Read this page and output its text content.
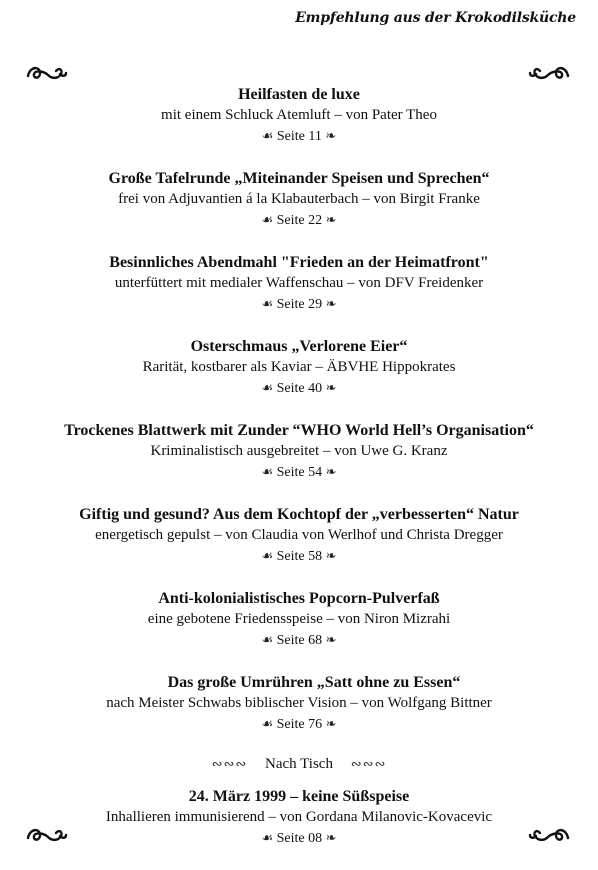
Empfehlung aus der Krokodilsküche
Heilfasten de luxe
mit einem Schluck Atemluft – von Pater Theo
☙ Seite 11 ❧
Große Tafelrunde „Miteinander Speisen und Sprechen“
frei von Adjuvantien á la Klabauterbach – von Birgit Franke
☙ Seite 22 ❧
Besinnliches Abendmahl "Frieden an der Heimatfront"
unterfüttert mit medialer Waffenschau – von DFV Freidenker
☙ Seite 29 ❧
Osterschmaus „Verlorene Eier“
Rarität, kostbarer als Kaviar – ÄBVHE Hippokrates
☙ Seite 40 ❧
Trockenes Blattwerk mit Zunder “WHO World Hell’s Organisation“
Kriminalistisch ausgebreitet – von Uwe G. Kranz
☙ Seite 54 ❧
Giftig und gesund? Aus dem Kochtopf der „verbesserten“ Natur
energetisch gepulst – von Claudia von Werlhof und Christa Dregger
☙ Seite 58 ❧
Anti-kolonialistisches Popcorn-Pulverfaß
eine gebotene Friedensspeise – von Niron Mizrahi
☙ Seite 68 ❧
Das große Umrühren „Satt ohne zu Essen“
nach Meister Schwabs biblischer Vision – von Wolfgang Bittner
☙ Seite 76 ❧
∾∾∾ Nach Tisch ∾∾∾
24. März 1999 – keine Süßspeise
Inhallieren immunisierend – von Gordana Milanovic-Kovacevic
☙ Seite 08 ❧
